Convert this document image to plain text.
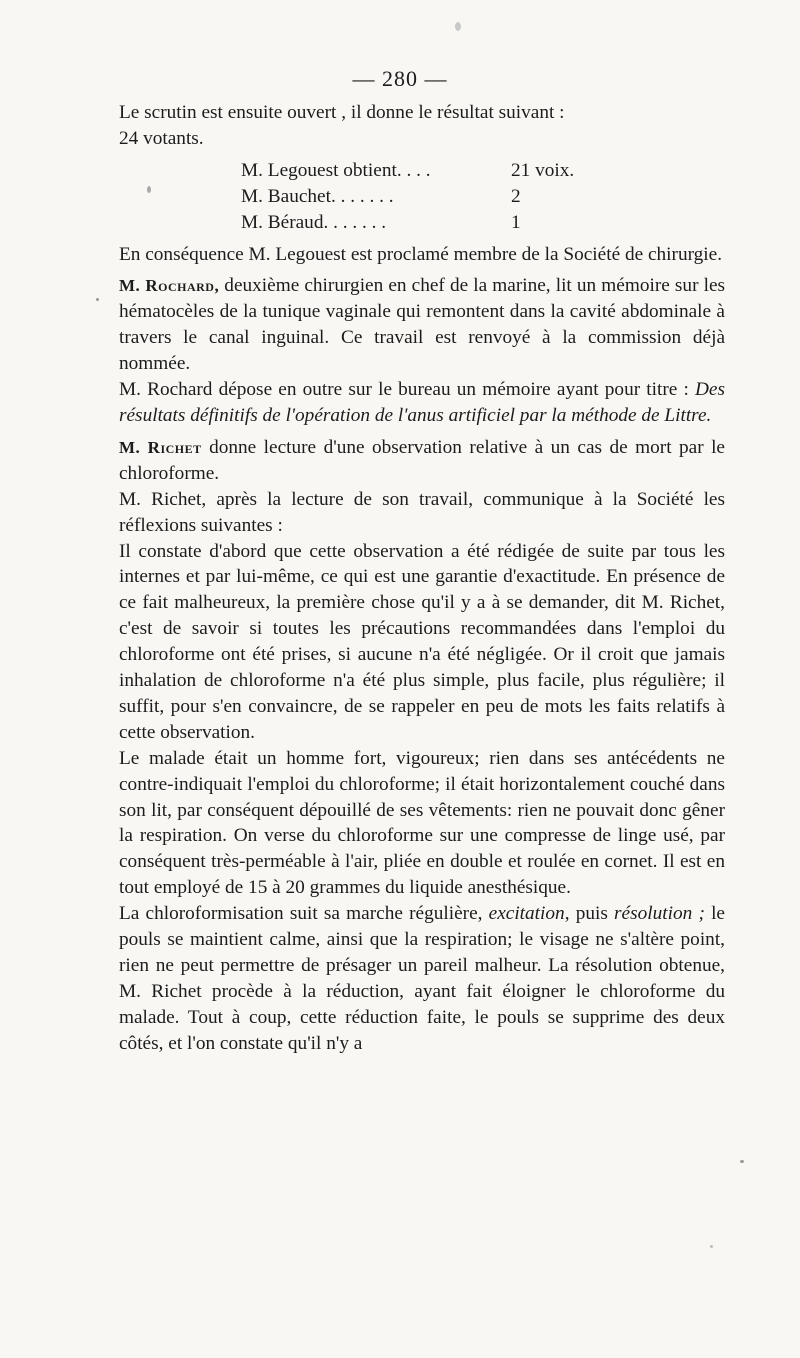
— 280 —

Le scrutin est ensuite ouvert , il donne le résultat suivant :

24 votants.

M. Legouest obtient. . . .	21 voix.
M. Bauchet. . . . . . .	2
M. Béraud. . . . . . .	1

En conséquence M. Legouest est proclamé membre de la Société de chirurgie.

M. Rochard, deuxième chirurgien en chef de la marine, lit un mémoire sur les hématocèles de la tunique vaginale qui remontent dans la cavité abdominale à travers le canal inguinal. Ce travail est renvoyé à la commission déjà nommée.

M. Rochard dépose en outre sur le bureau un mémoire ayant pour titre : Des résultats définitifs de l'opération de l'anus artificiel par la méthode de Littre.

M. Richet donne lecture d'une observation relative à un cas de mort par le chloroforme.

M. Richet, après la lecture de son travail, communique à la Société les réflexions suivantes :

Il constate d'abord que cette observation a été rédigée de suite par tous les internes et par lui-même, ce qui est une garantie d'exactitude. En présence de ce fait malheureux, la première chose qu'il y a à se demander, dit M. Richet, c'est de savoir si toutes les précautions recommandées dans l'emploi du chloroforme ont été prises, si aucune n'a été négligée. Or il croit que jamais inhalation de chloroforme n'a été plus simple, plus facile, plus régulière; il suffit, pour s'en convaincre, de se rappeler en peu de mots les faits relatifs à cette observation.

Le malade était un homme fort, vigoureux; rien dans ses antécédents ne contre-indiquait l'emploi du chloroforme; il était horizontalement couché dans son lit, par conséquent dépouillé de ses vêtements: rien ne pouvait donc gêner la respiration. On verse du chloroforme sur une compresse de linge usé, par conséquent très-perméable à l'air, pliée en double et roulée en cornet. Il est en tout employé de 15 à 20 grammes du liquide anesthésique.

La chloroformisation suit sa marche régulière, excitation, puis résolution ; le pouls se maintient calme, ainsi que la respiration; le visage ne s'altère point, rien ne peut permettre de présager un pareil malheur. La résolution obtenue, M. Richet procède à la réduction, ayant fait éloigner le chloroforme du malade. Tout à coup, cette réduction faite, le pouls se supprime des deux côtés, et l'on constate qu'il n'y a
